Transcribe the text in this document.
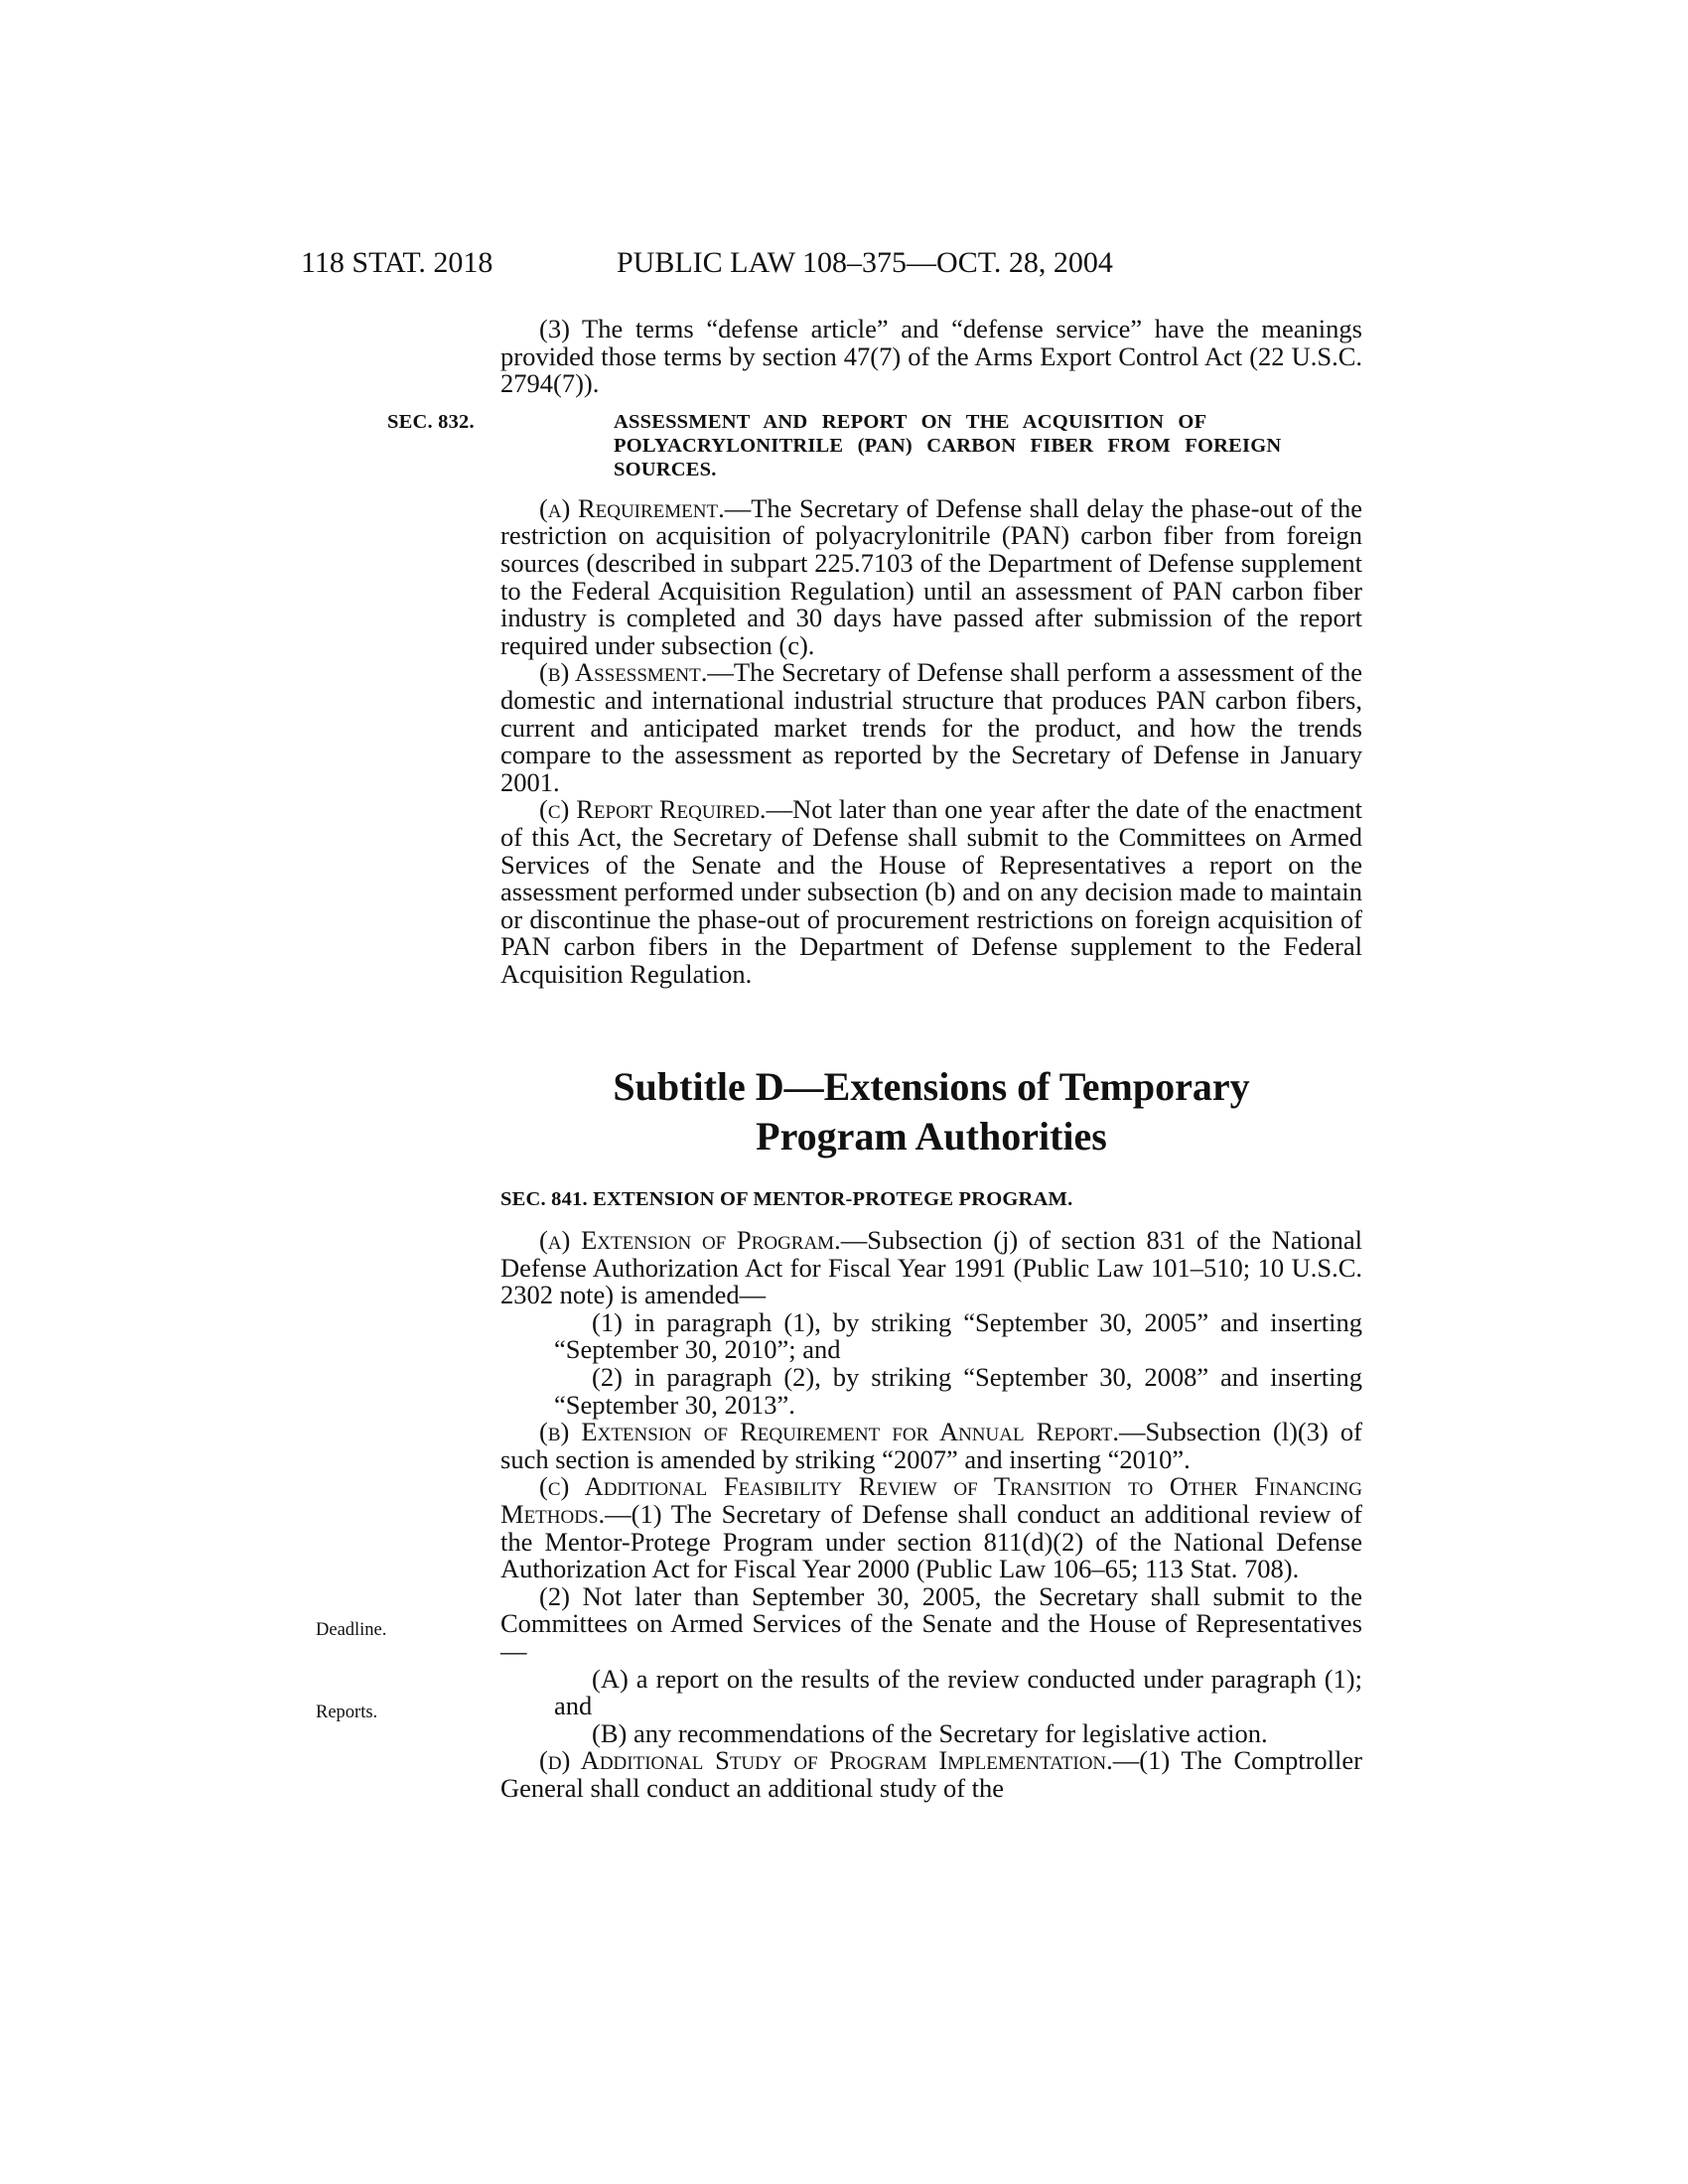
118 STAT. 2018	PUBLIC LAW 108–375—OCT. 28, 2004
Deadline.
Reports.

(3) The terms “defense article” and “defense service” have the meanings provided those terms by section 47(7) of the Arms Export Control Act (22 U.S.C. 2794(7)).

SEC. 832.	ASSESSMENT AND REPORT ON THE ACQUISITION OF POLYACRYLONITRILE (PAN) CARBON FIBER FROM FOREIGN SOURCES.

(a) Requirement.—The Secretary of Defense shall delay the phase-out of the restriction on acquisition of polyacrylonitrile (PAN) carbon fiber from foreign sources (described in subpart 225.7103 of the Department of Defense supplement to the Federal Acquisition Regulation) until an assessment of PAN carbon fiber industry is completed and 30 days have passed after submission of the report required under subsection (c).

(b) Assessment.—The Secretary of Defense shall perform a assessment of the domestic and international industrial structure that produces PAN carbon fibers, current and anticipated market trends for the product, and how the trends compare to the assessment as reported by the Secretary of Defense in January 2001.

(c) Report Required.—Not later than one year after the date of the enactment of this Act, the Secretary of Defense shall submit to the Committees on Armed Services of the Senate and the House of Representatives a report on the assessment performed under subsection (b) and on any decision made to maintain or discontinue the phase-out of procurement restrictions on foreign acquisition of PAN carbon fibers in the Department of Defense supplement to the Federal Acquisition Regulation.

Subtitle D—Extensions of Temporary
Program Authorities
SEC. 841. EXTENSION OF MENTOR-PROTEGE PROGRAM.

(a) Extension of Program.—Subsection (j) of section 831 of the National Defense Authorization Act for Fiscal Year 1991 (Public Law 101–510; 10 U.S.C. 2302 note) is amended—

(1) in paragraph (1), by striking “September 30, 2005” and inserting “September 30, 2010”; and

(2) in paragraph (2), by striking “September 30, 2008” and inserting “September 30, 2013”.

(b) Extension of Requirement for Annual Report.—Subsection (l)(3) of such section is amended by striking “2007” and inserting “2010”.

(c) Additional Feasibility Review of Transition to Other Financing Methods.—(1) The Secretary of Defense shall conduct an additional review of the Mentor-Protege Program under section 811(d)(2) of the National Defense Authorization Act for Fiscal Year 2000 (Public Law 106–65; 113 Stat. 708).

(2) Not later than September 30, 2005, the Secretary shall submit to the Committees on Armed Services of the Senate and the House of Representatives—

(A) a report on the results of the review conducted under paragraph (1); and

(B) any recommendations of the Secretary for legislative action.

(d) Additional Study of Program Implementation.—(1) The Comptroller General shall conduct an additional study of the
